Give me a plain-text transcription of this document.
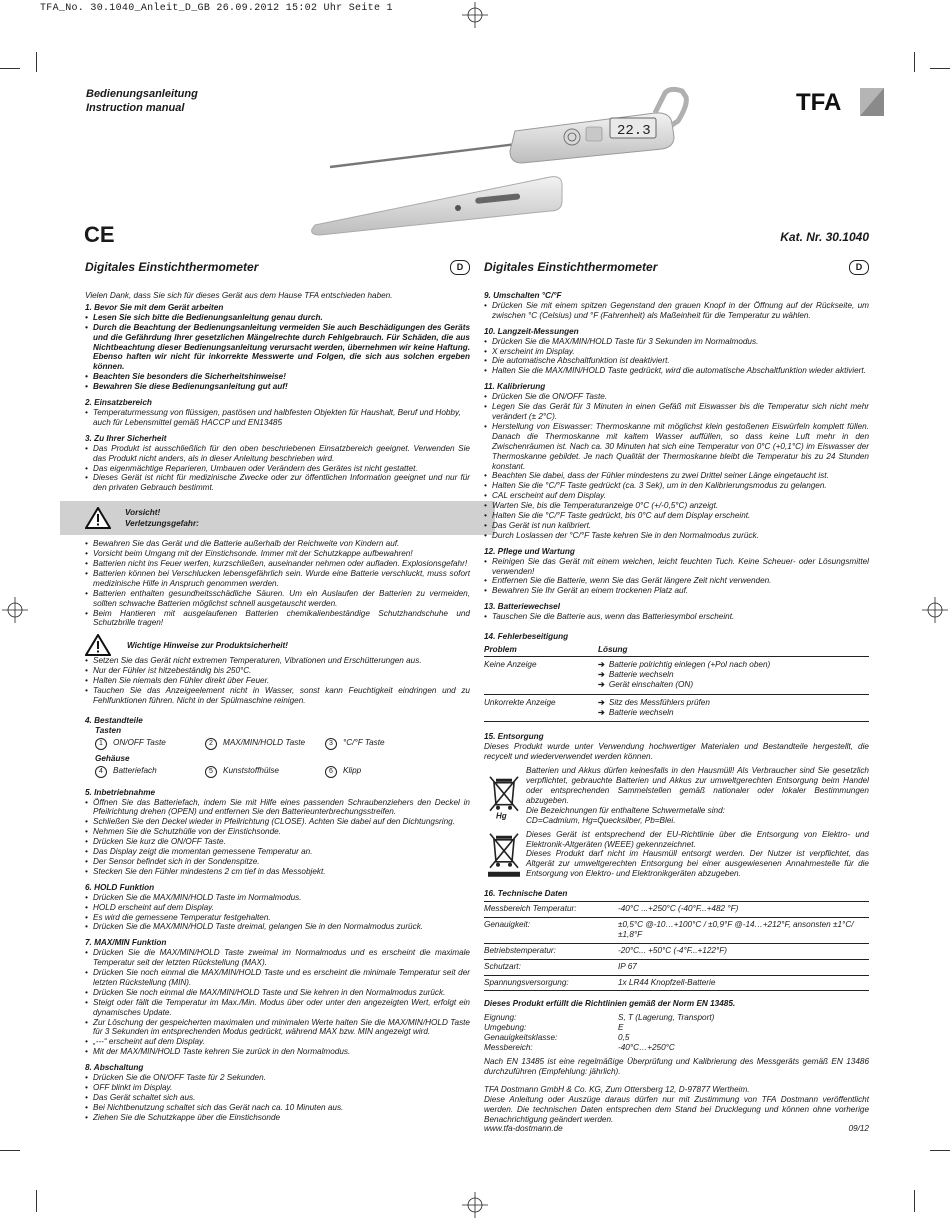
TFA_No. 30.1040_Anleit_D_GB 26.09.2012 15:02 Uhr Seite 1
Bedienungsanleitung
Instruction manual	TFA
22.3
CE	Kat. Nr. 30.1040
Digitales Einstichthermometer	D
Vielen Dank, dass Sie sich für dieses Gerät aus dem Hause TFA entschieden haben.
1. Bevor Sie mit dem Gerät arbeiten
• Lesen Sie sich bitte die Bedienungsanleitung genau durch.
• Durch die Beachtung der Bedienungsanleitung vermeiden Sie auch Beschädigungen des Geräts und die Gefährdung Ihrer gesetzlichen Mängelrechte durch Fehlgebrauch. Für Schäden, die aus Nichtbeachtung dieser Bedienungsanleitung verursacht werden, übernehmen wir keine Haftung. Ebenso haften wir nicht für inkorrekte Messwerte und Folgen, die sich aus solchen ergeben können.
• Beachten Sie besonders die Sicherheitshinweise!
• Bewahren Sie diese Bedienungsanleitung gut auf!
2. Einsatzbereich
• Temperaturmessung von flüssigen, pastösen und halbfesten Objekten für Haushalt, Beruf und Hobby, auch für Lebensmittel gemäß HACCP und EN13485
3. Zu Ihrer Sicherheit
• Das Produkt ist ausschließlich für den oben beschriebenen Einsatzbereich geeignet. Verwenden Sie das Produkt nicht anders, als in dieser Anleitung beschrieben wird.
• Das eigenmächtige Reparieren, Umbauen oder Verändern des Gerätes ist nicht gestattet.
• Dieses Gerät ist nicht für medizinische Zwecke oder zur öffentlichen Information geeignet und nur für den privaten Gebrauch bestimmt.
Vorsicht!
Verletzungsgefahr:
• Bewahren Sie das Gerät und die Batterie außerhalb der Reichweite von Kindern auf.
• Vorsicht beim Umgang mit der Einstichsonde. Immer mit der Schutzkappe aufbewahren!
• Batterien nicht ins Feuer werfen, kurzschließen, auseinander nehmen oder aufladen. Explosionsgefahr!
• Batterien können bei Verschlucken lebensgefährlich sein. Wurde eine Batterie verschluckt, muss sofort medizinische Hilfe in Anspruch genommen werden.
• Batterien enthalten gesundheitsschädliche Säuren. Um ein Auslaufen der Batterien zu vermeiden, sollten schwache Batterien möglichst schnell ausgetauscht werden.
• Beim Hantieren mit ausgelaufenen Batterien chemikalienbeständige Schutzhandschuhe und Schutzbrille tragen!
Wichtige Hinweise zur Produktsicherheit!
• Setzen Sie das Gerät nicht extremen Temperaturen, Vibrationen und Erschütterungen aus.
• Nur der Fühler ist hitzebeständig bis 250°C.
• Halten Sie niemals den Fühler direkt über Feuer.
• Tauchen Sie das Anzeigeelement nicht in Wasser, sonst kann Feuchtigkeit eindringen und zu Fehlfunktionen führen. Nicht in der Spülmaschine reinigen.
4. Bestandteile
Tasten
1 ON/OFF Taste	2 MAX/MIN/HOLD Taste	3 °C/°F Taste
Gehäuse
4 Batteriefach	5 Kunststoffhülse	6 Klipp
5. Inbetriebnahme
• Öffnen Sie das Batteriefach, indem Sie mit Hilfe eines passenden Schraubenziehers den Deckel in Pfeilrichtung drehen (OPEN) und entfernen Sie den Batterieunterbrechungsstreifen.
• Schließen Sie den Deckel wieder in Pfeilrichtung (CLOSE). Achten Sie dabei auf den Dichtungsring.
• Nehmen Sie die Schutzhülle von der Einstichsonde.
• Drücken Sie kurz die ON/OFF Taste.
• Das Display zeigt die momentan gemessene Temperatur an.
• Der Sensor befindet sich in der Sondenspitze.
• Stecken Sie den Fühler mindestens 2 cm tief in das Messobjekt.
6. HOLD Funktion
• Drücken Sie die MAX/MIN/HOLD Taste im Normalmodus.
• HOLD erscheint auf dem Display.
• Es wird die gemessene Temperatur festgehalten.
• Drücken Sie die MAX/MIN/HOLD Taste dreimal, gelangen Sie in den Normalmodus zurück.
7. MAX/MIN Funktion
• Drücken Sie die MAX/MIN/HOLD Taste zweimal im Normalmodus und es erscheint die maximale Temperatur seit der letzten Rückstellung (MAX).
• Drücken Sie noch einmal die MAX/MIN/HOLD Taste und es erscheint die minimale Temperatur seit der letzten Rückstellung (MIN).
• Drücken Sie noch einmal die MAX/MIN/HOLD Taste und Sie kehren in den Normalmodus zurück.
• Steigt oder fällt die Temperatur im Max./Min. Modus über oder unter den angezeigten Wert, erfolgt ein dynamisches Update.
• Zur Löschung der gespeicherten maximalen und minimalen Werte halten Sie die MAX/MIN/HOLD Taste für 3 Sekunden im entsprechenden Modus gedrückt, während MAX bzw. MIN angezeigt wird.
• „---“ erscheint auf dem Display.
• Mit der MAX/MIN/HOLD Taste kehren Sie zurück in den Normalmodus.
8. Abschaltung
• Drücken Sie die ON/OFF Taste für 2 Sekunden.
• OFF blinkt im Display.
• Das Gerät schaltet sich aus.
• Bei Nichtbenutzung schaltet sich das Gerät nach ca. 10 Minuten aus.
• Ziehen Sie die Schutzkappe über die Einstichsonde
Digitales Einstichthermometer	D
9. Umschalten °C/°F
• Drücken Sie mit einem spitzen Gegenstand den grauen Knopf in der Öffnung auf der Rückseite, um zwischen °C (Celsius) und °F (Fahrenheit) als Maßeinheit für die Temperatur zu wählen.
10. Langzeit-Messungen
• Drücken Sie die MAX/MIN/HOLD Taste für 3 Sekunden im Normalmodus.
• X erscheint im Display.
• Die automatische Abschaltfunktion ist deaktiviert.
• Halten Sie die MAX/MIN/HOLD Taste gedrückt, wird die automatische Abschaltfunktion wieder aktiviert.
11. Kalibrierung
• Drücken Sie die ON/OFF Taste.
• Legen Sie das Gerät für 3 Minuten in einen Gefäß mit Eiswasser bis die Temperatur sich nicht mehr verändert (± 2°C).
• Herstellung von Eiswasser: Thermoskanne mit möglichst klein gestoßenen Eiswürfeln komplett füllen. Danach die Thermoskanne mit kaltem Wasser auffüllen, so dass keine Luft mehr in den Zwischenräumen ist. Nach ca. 30 Minuten hat sich eine Temperatur von 0°C (+0,1°C) im Eiswasser der Thermoskanne gebildet. Je nach Qualität der Thermoskanne bleibt die Temperatur bis zu 24 Stunden konstant.
• Beachten Sie dabei, dass der Fühler mindestens zu zwei Drittel seiner Länge eingetaucht ist.
• Halten Sie die °C/°F Taste gedrückt (ca. 3 Sek), um in den Kalibrierungsmodus zu gelangen.
• CAL erscheint auf dem Display.
• Warten Sie, bis die Temperaturanzeige 0°C (+/-0,5°C) anzeigt.
• Halten Sie die °C/°F Taste gedrückt, bis 0°C auf dem Display erscheint.
• Das Gerät ist nun kalibriert.
• Durch Loslassen der °C/°F Taste kehren Sie in den Normalmodus zurück.
12. Pflege und Wartung
• Reinigen Sie das Gerät mit einem weichen, leicht feuchten Tuch. Keine Scheuer- oder Lösungsmittel verwenden!
• Entfernen Sie die Batterie, wenn Sie das Gerät längere Zeit nicht verwenden.
• Bewahren Sie Ihr Gerät an einem trockenen Platz auf.
13. Batteriewechsel
• Tauschen Sie die Batterie aus, wenn das Batteriesymbol erscheint.
14. Fehlerbeseitigung
Problem	Lösung
Keine Anzeige	➔ Batterie polrichtig einlegen (+Pol nach oben)
➔ Batterie wechseln
➔ Gerät einschalten (ON)

Unkorrekte Anzeige	➔ Sitz des Messfühlers prüfen
➔ Batterie wechseln
15. Entsorgung
Dieses Produkt wurde unter Verwendung hochwertiger Materialen und Bestandteile hergestellt, die recycelt und wiederverwendet werden können.
Hg
Batterien und Akkus dürfen keinesfalls in den Hausmüll! Als Verbraucher sind Sie gesetzlich verpflichtet, gebrauchte Batterien und Akkus zur umweltgerechten Entsorgung beim Handel oder entsprechenden Sammelstellen gemäß nationaler oder lokaler Bestimmungen abzugeben.
Die Bezeichnungen für enthaltene Schwermetalle sind:
CD=Cadmium, Hg=Quecksilber, Pb=Blei.
Dieses Gerät ist entsprechend der EU-Richtlinie über die Entsorgung von Elektro- und Elektronik-Altgeräten (WEEE) gekennzeichnet.
Dieses Produkt darf nicht im Hausmüll entsorgt werden. Der Nutzer ist verpflichtet, das Altgerät zur umweltgerechten Entsorgung bei einer ausgewiesenen Annahmestelle für die Entsorgung von Elektro- und Elektronikgeräten abzugeben.
16. Technische Daten
Messbereich Temperatur:	-40°C ...+250°C (-40°F...+482 °F)
Genauigkeit:	±0,5°C @-10…+100°C / ±0,9°F @-14…+212°F, ansonsten ±1°C/±1,8°F
Betriebstemperatur:	-20°C... +50°C (-4°F...+122°F)
Schutzart:	IP 67
Spannungsversorgung:	1x LR44 Knopfzell-Batterie
Dieses Produkt erfüllt die Richtlinien gemäß der Norm EN 13485.
Eignung:	S, T (Lagerung, Transport)
Umgebung:	E
Genauigkeitsklasse:	0,5
Messbereich:	-40°C…+250°C
Nach EN 13485 ist eine regelmäßige Überprüfung und Kalibrierung des Messgeräts gemäß EN 13486 durchzuführen (Empfehlung: jährlich).
TFA Dostmann GmbH & Co. KG, Zum Ottersberg 12, D-97877 Wertheim.
Diese Anleitung oder Auszüge daraus dürfen nur mit Zustimmung von TFA Dostmann veröffentlicht werden. Die technischen Daten entsprechen dem Stand bei Drucklegung und können ohne vorherige Benachrichtigung geändert werden.
www.tfa-dostmann.de	09/12
